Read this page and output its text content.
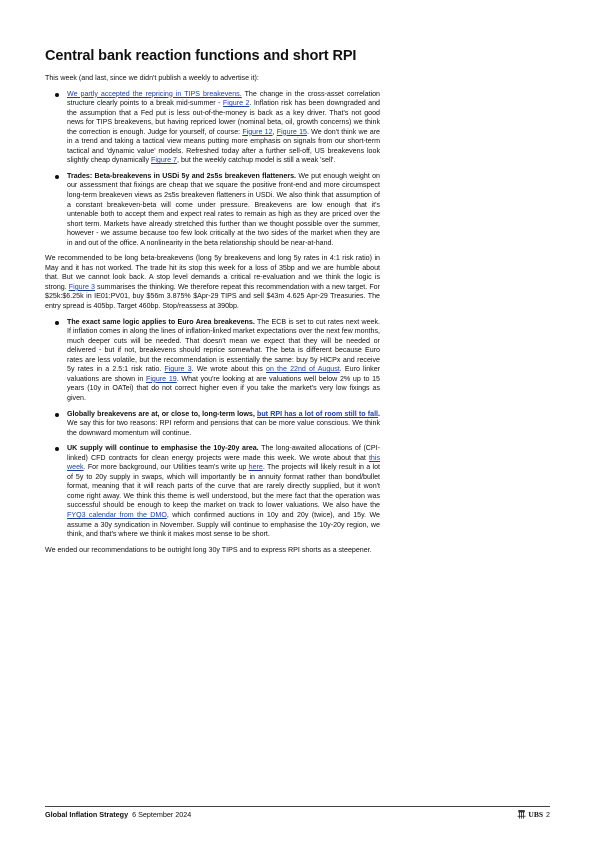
Central bank reaction functions and short RPI

This week (and last, since we didn't publish a weekly to advertise it):

We partly accepted the repricing in TIPS breakevens. The change in the cross-asset correlation structure clearly points to a break mid-summer - Figure 2. Inflation risk has been downgraded and the assumption that a Fed put is less out-of-the-money is back as a key driver. That's not good news for TIPS breakevens, but having repriced lower (nominal beta, oil, growth concerns) we think the correction is enough. Judge for yourself, of course: Figure 12, Figure 15. We don't think we are in a trend and taking a tactical view means putting more emphasis on signals from our short-term tactical and 'dynamic value' models. Refreshed today after a further sell-off, US breakevens look slightly cheap dynamically Figure 7, but the weekly catchup model is still a weak 'sell'.
Trades: Beta-breakevens in USDi 5y and 2s5s breakeven flatteners. We put enough weight on our assessment that fixings are cheap that we square the positive front-end and more circumspect long-term breakeven views as 2s5s breakeven flatteners in USDi. We also think that assumption of a constant breakeven-beta will come under pressure. Breakevens are low enough that it's untenable both to accept them and expect real rates to remain as high as they are priced over the short term. Markets have already stretched this further than we thought possible over the summer, however - we assume because too few look critically at the two sides of the market when they are in and out of the office. A nonlinearity in the beta relationship should be near-at-hand.

We recommended to be long beta-breakevens (long 5y breakevens and long 5y rates in 4:1 risk ratio) in May and it has not worked. The trade hit its stop this week for a loss of 35bp and we are humble about that. But we cannot look back. A stop level demands a critical re-evaluation and we think the logic is strong. Figure 3 summarises the thinking. We therefore repeat this recommendation with a new target. For $25k:$6.25k in IE01:PV01, buy $56m 3.875% $Apr-29 TIPS and sell $43m 4.625 Apr-29 Treasuries. The entry spread is 405bp. Target 460bp. Stop/reassess at 390bp.

The exact same logic applies to Euro Area breakevens. The ECB is set to cut rates next week. If inflation comes in along the lines of inflation-linked market expectations over the next few months, much deeper cuts will be needed. That doesn't mean we expect that they will be needed or delivered - but if not, breakevens should reprice somewhat. The beta is different because Euro rates are less volatile, but the recommendation is essentially the same: buy 5y HICPx and receive 5y rates in a 2.5:1 risk ratio. Figure 3. We wrote about this on the 22nd of August. Euro linker valuations are shown in Figure 19. What you're looking at are valuations well below 2% up to 15 years (10y in OATei) that do not correct higher even if you take the market's very low fixings as given.
Globally breakevens are at, or close to, long-term lows, but RPI has a lot of room still to fall. We say this for two reasons: RPI reform and pensions that can be more value conscious. We think the downward momentum will continue.
UK supply will continue to emphasise the 10y-20y area. The long-awaited allocations of (CPI-linked) CFD contracts for clean energy projects were made this week. We wrote about that this week. For more background, our Utilities team's write up here. The projects will likely result in a lot of 5y to 20y supply in swaps, which will importantly be in annuity format rather than bond/bullet format, meaning that it will reach parts of the curve that are rarely directly supplied, but it won't come right away. We think this theme is well understood, but the mere fact that the operation was successful should be enough to keep the market on track to lower valuations. We also have the FYQ3 calendar from the DMO, which confirmed auctions in 10y and 20y (twice), and 15y. We assume a 30y syndication in November. Supply will continue to emphasise the 10y-20y region, we think, and that's where we think it makes most sense to be short.

We ended our recommendations to be outright long 30y TIPS and to express RPI shorts as a steepener.

Global Inflation Strategy 6 September 2024	UBS 2
